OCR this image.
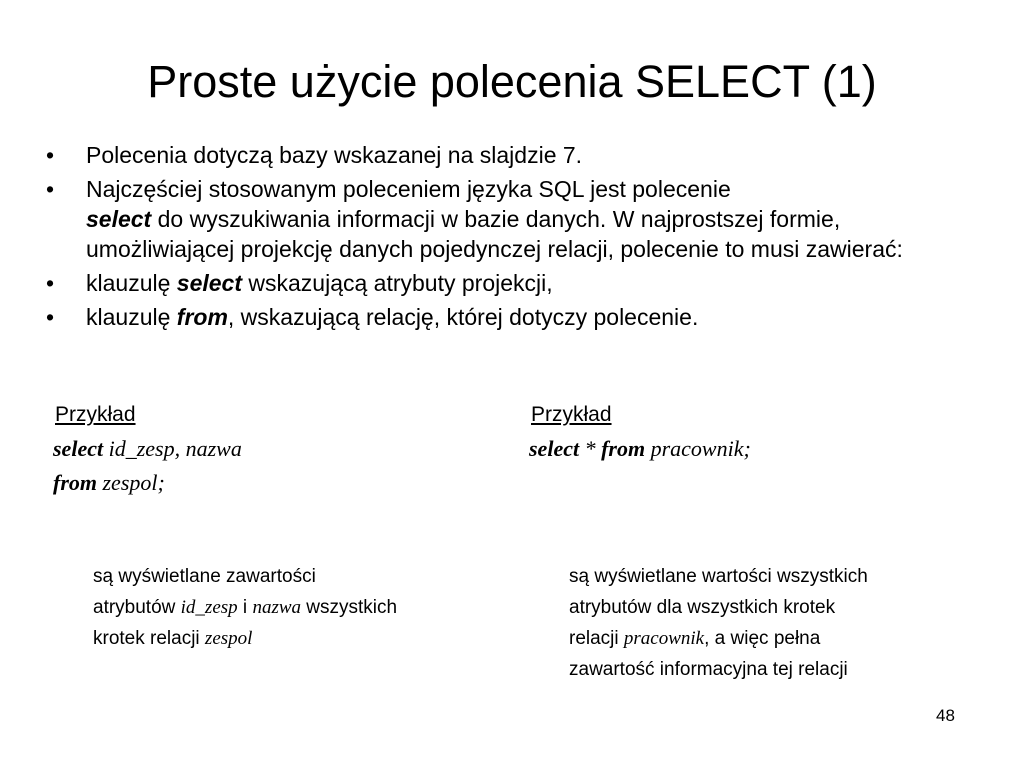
Proste użycie polecenia SELECT (1)
•	Polecenia dotyczą bazy wskazanej na slajdzie 7.
•	Najczęściej stosowanym poleceniem języka SQL jest polecenie
select do wyszukiwania informacji w bazie danych. W najprostszej formie, umożliwiającej projekcję danych pojedynczej relacji, polecenie to musi zawierać:
•	klauzulę select wskazującą atrybuty projekcji,
•	klauzulę from, wskazującą relację, której dotyczy polecenie.
Przykład
select id_zesp, nazwa
from zespol;
są wyświetlane zawartości
atrybutów id_zesp i nazwa wszystkich
krotek relacji zespol
Przykład
select * from pracownik;
są wyświetlane wartości wszystkich
atrybutów dla wszystkich krotek
relacji pracownik, a więc pełna
zawartość informacyjna tej relacji
48
